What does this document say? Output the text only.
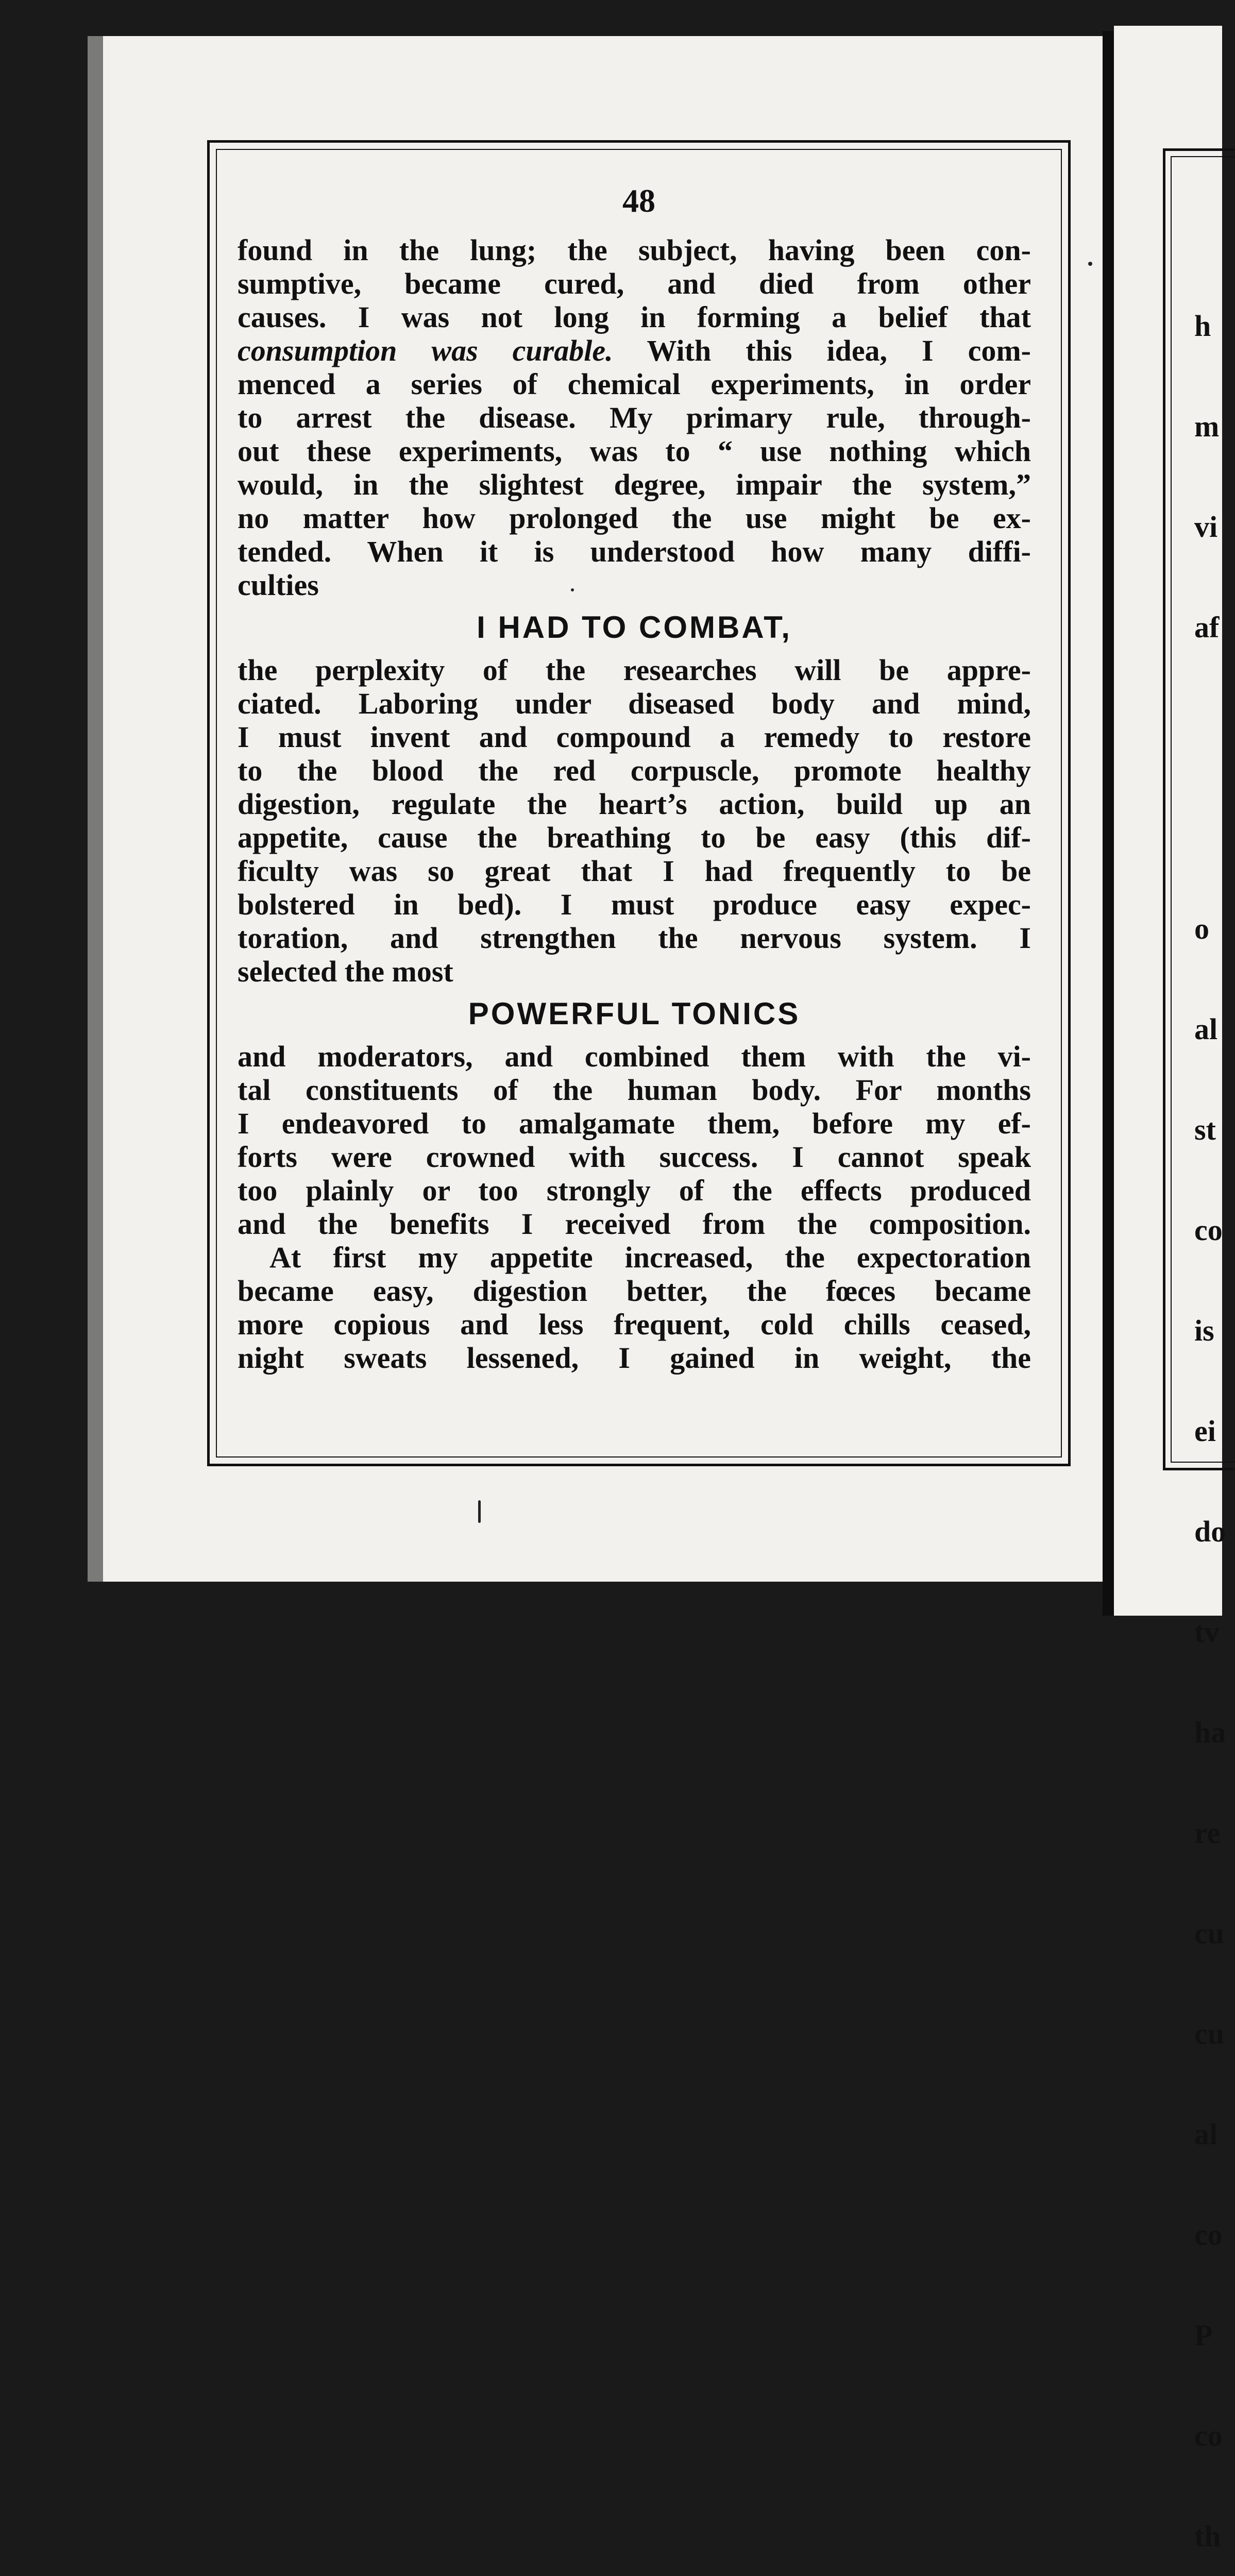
48
found in the lung; the subject, having been con-
sumptive, became cured, and died from other
causes. I was not long in forming a belief that
consumption was curable. With this idea, I com-
menced a series of chemical experiments, in order
to arrest the disease. My primary rule, through-
out these experiments, was to “ use nothing which
would, in the slightest degree, impair the system,”
no matter how prolonged the use might be ex-
tended. When it is understood how many diffi-
culties
I HAD TO COMBAT,
the perplexity of the researches will be appre-
ciated. Laboring under diseased body and mind,
I must invent and compound a remedy to restore
to the blood the red corpuscle, promote healthy
digestion, regulate the heart’s action, build up an
appetite, cause the breathing to be easy (this dif-
ficulty was so great that I had frequently to be
bolstered in bed). I must produce easy expec-
toration, and strengthen the nervous system. I
selected the most
POWERFUL TONICS
and moderators, and combined them with the vi-
tal constituents of the human body. For months
I endeavored to amalgamate them, before my ef-
forts were crowned with success. I cannot speak
too plainly or too strongly of the effects produced
and the benefits I received from the composition.
At first my appetite increased, the expectoration
became easy, digestion better, the fœces became
more copious and less frequent, cold chills ceased,
night sweats lessened, I gained in weight, the

h

m

vi

af

o

al

st

co

is

ei

do

tv

ha

re

cu

cu

al

co

P

co

th
